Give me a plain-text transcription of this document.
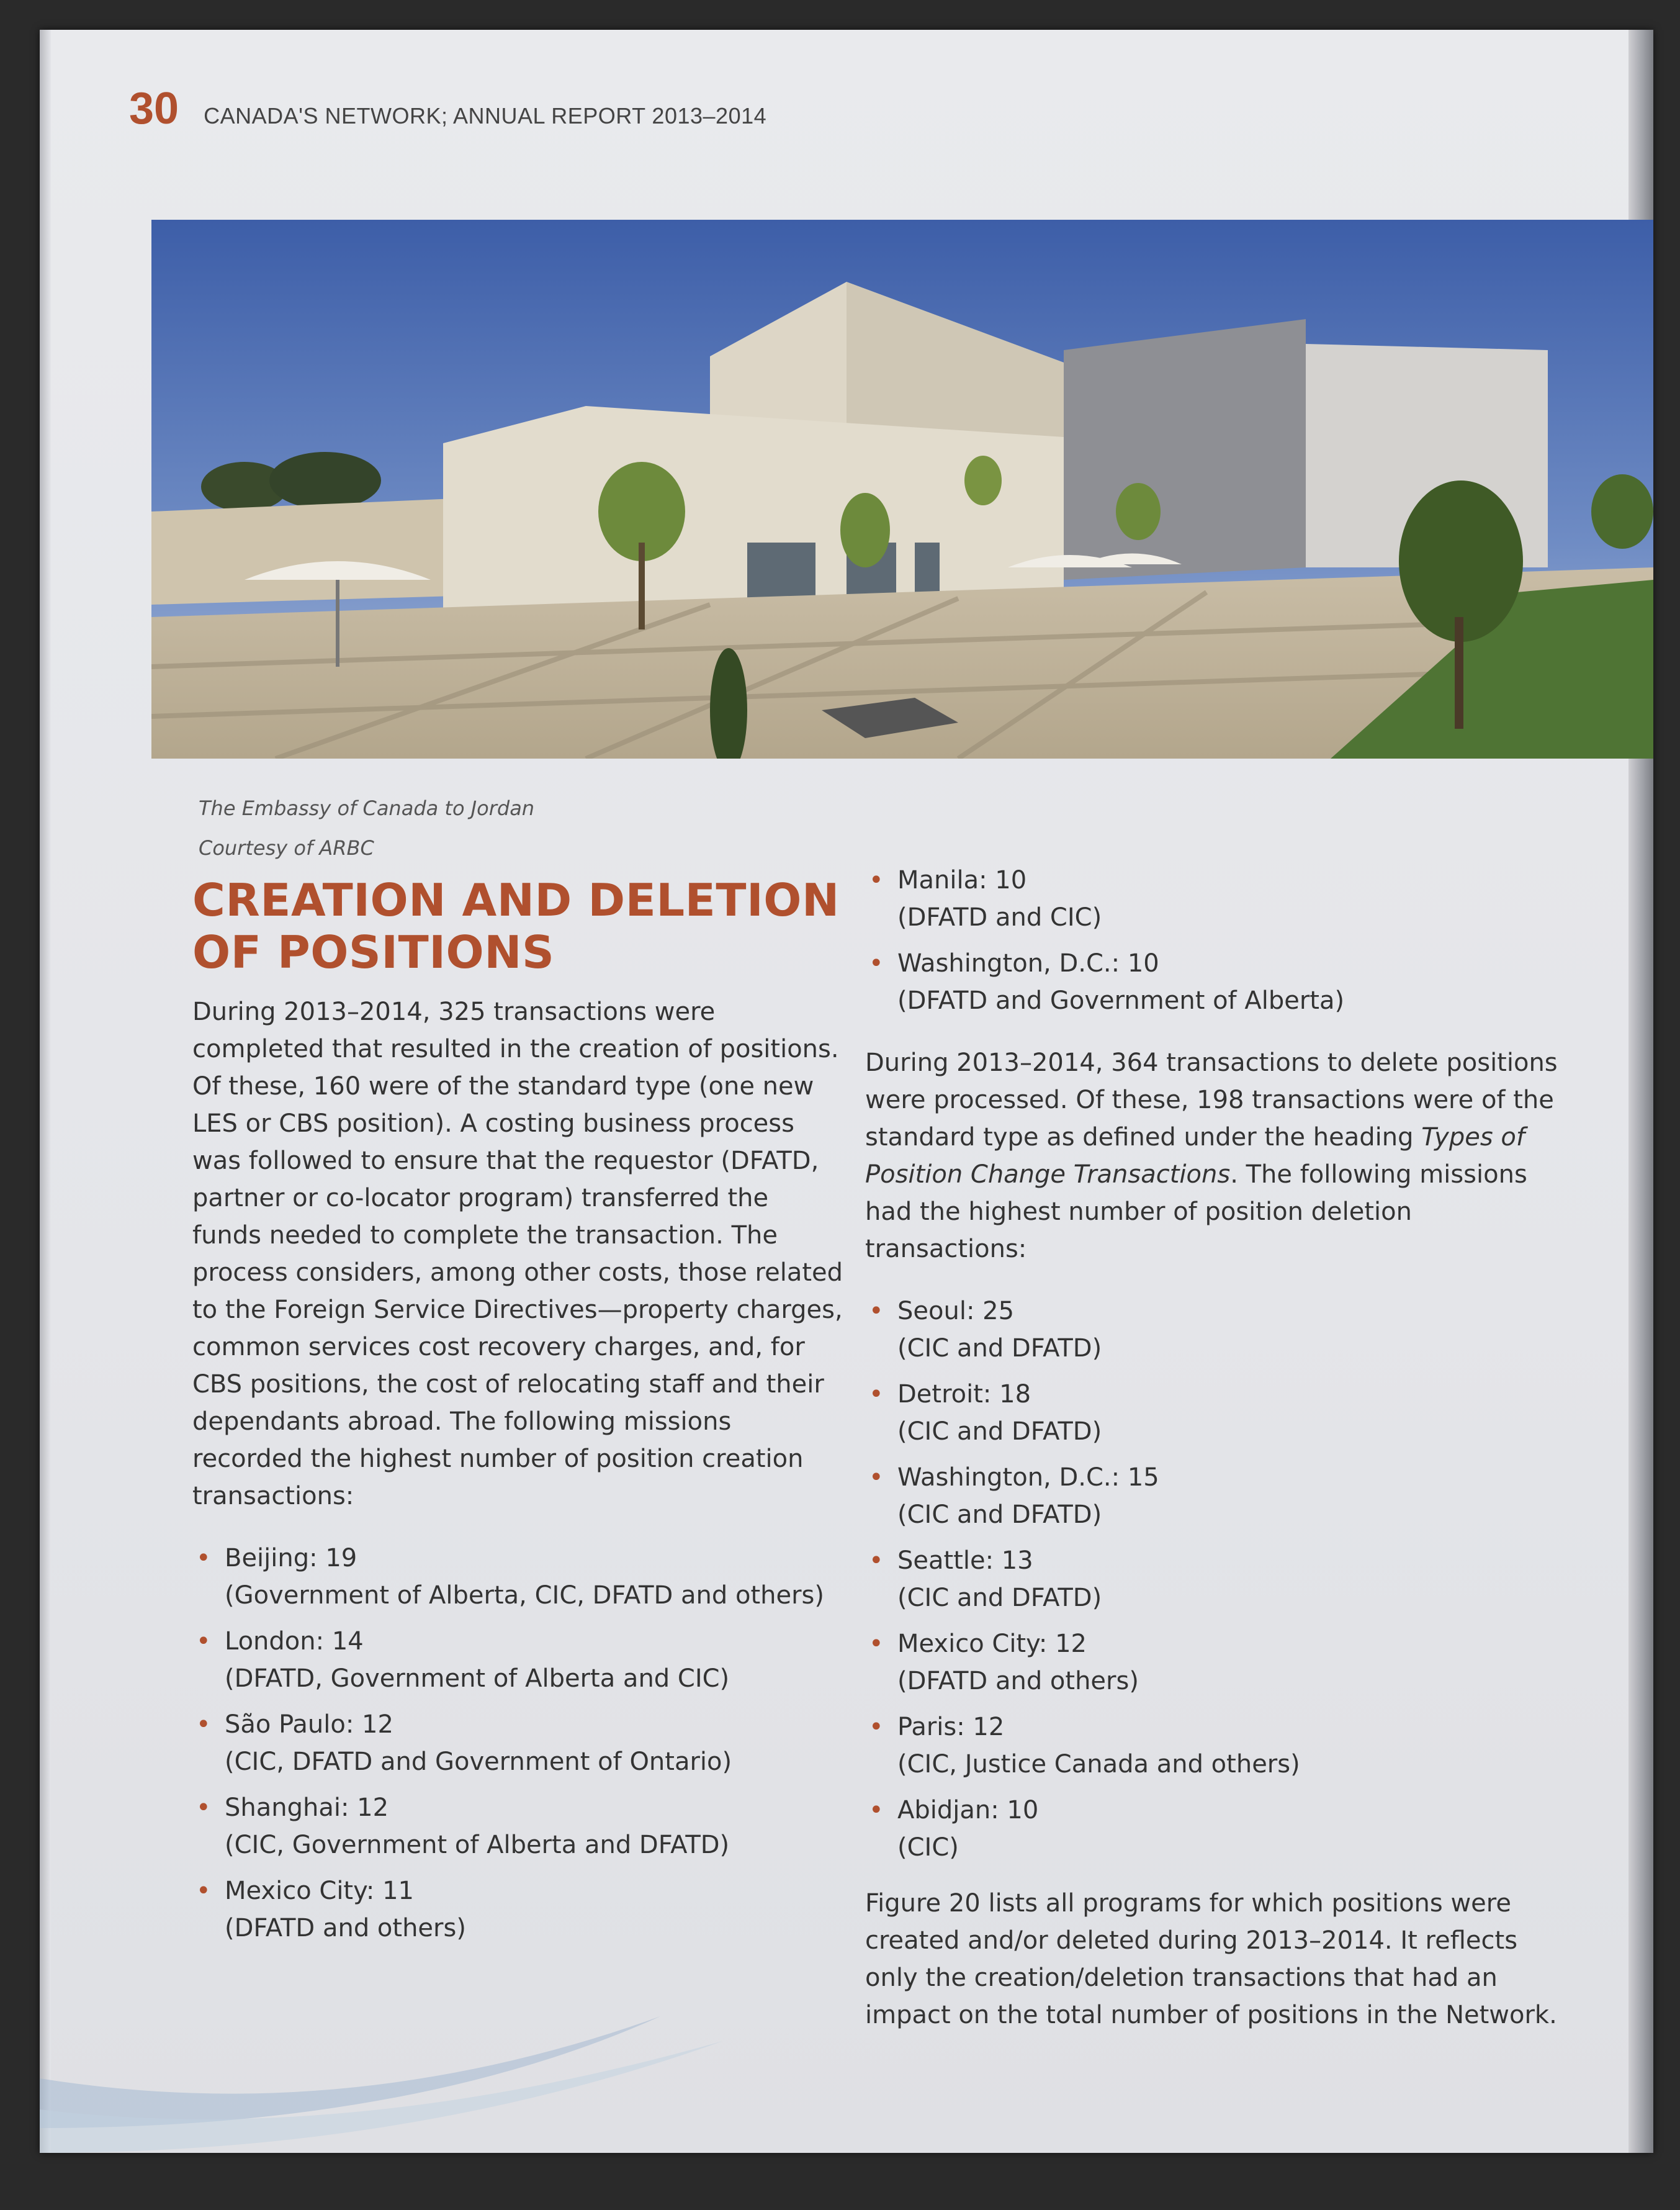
30 CANADA'S NETWORK; ANNUAL REPORT 2013–2014
The Embassy of Canada to Jordan
Courtesy of ARBC
CREATION AND DELETION
OF POSITIONS

During 2013–2014, 325 transactions were completed that resulted in the creation of positions. Of these, 160 were of the standard type (one new LES or CBS position). A costing business process was followed to ensure that the requestor (DFATD, partner or co-locator program) transferred the funds needed to complete the transaction. The process considers, among other costs, those related to the Foreign Service Directives—property charges, common services cost recovery charges, and, for CBS positions, the cost of relocating staff and their dependants abroad. The following missions recorded the highest number of position creation transactions:

• Beijing: 19
(Government of Alberta, CIC, DFATD and others)
• London: 14
(DFATD, Government of Alberta and CIC)
• São Paulo: 12
(CIC, DFATD and Government of Ontario)
• Shanghai: 12
(CIC, Government of Alberta and DFATD)
• Mexico City: 11
(DFATD and others)
• Manila: 10
(DFATD and CIC)
• Washington, D.C.: 10
(DFATD and Government of Alberta)

During 2013–2014, 364 transactions to delete positions were processed. Of these, 198 transactions were of the standard type as defined under the heading Types of Position Change Transactions. The following missions had the highest number of position deletion transactions:

• Seoul: 25
(CIC and DFATD)
• Detroit: 18
(CIC and DFATD)
• Washington, D.C.: 15
(CIC and DFATD)
• Seattle: 13
(CIC and DFATD)
• Mexico City: 12
(DFATD and others)
• Paris: 12
(CIC, Justice Canada and others)
• Abidjan: 10
(CIC)

Figure 20 lists all programs for which positions were created and/or deleted during 2013–2014. It reflects only the creation/deletion transactions that had an impact on the total number of positions in the Network.
